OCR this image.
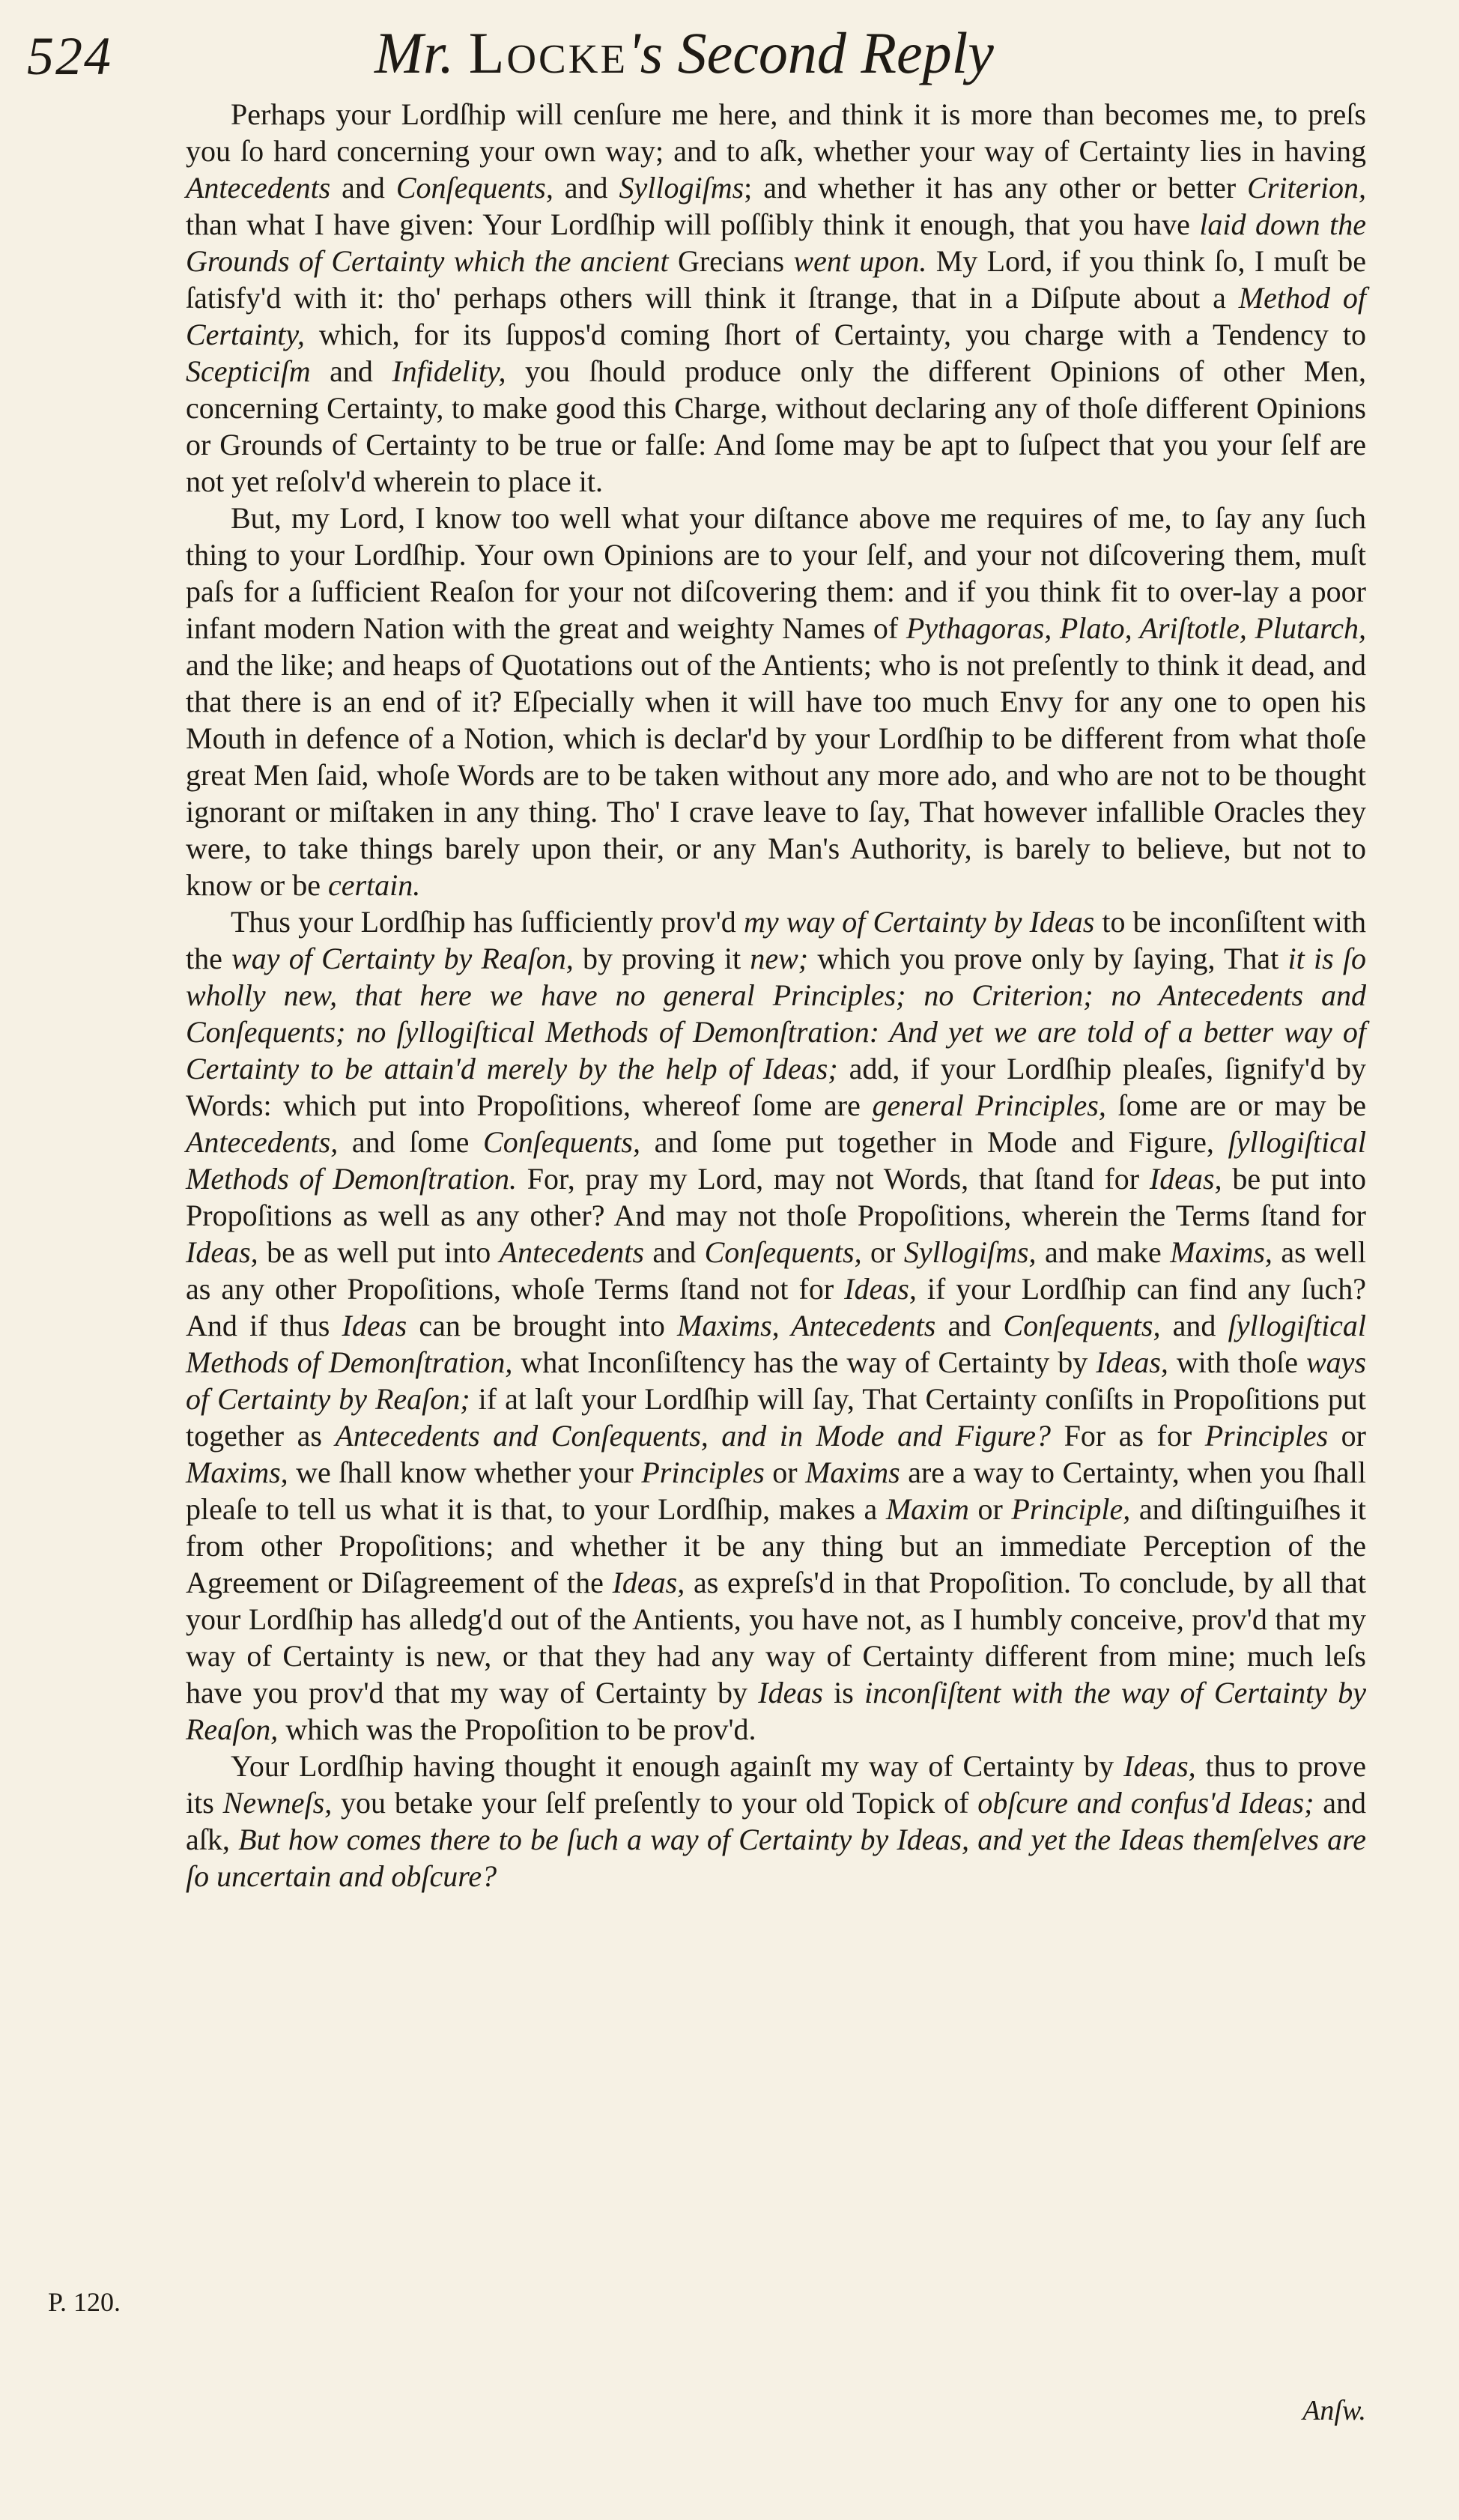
524	Mr. Locke's Second Reply

Perhaps your Lordſhip will cenſure me here, and think it is more than becomes me, to preſs you ſo hard concerning your own way; and to aſk, whether your way of Certainty lies in having Antecedents and Conſequents, and Syllogiſms; and whether it has any other or better Criterion, than what I have given: Your Lordſhip will poſſibly think it enough, that you have laid down the Grounds of Certainty which the ancient Grecians went upon. My Lord, if you think ſo, I muſt be ſatisfy'd with it: tho' perhaps others will think it ſtrange, that in a Diſpute about a Method of Certainty, which, for its ſuppos'd coming ſhort of Certainty, you charge with a Tendency to Scepticiſm and Infidelity, you ſhould produce only the different Opinions of other Men, concerning Certainty, to make good this Charge, without declaring any of thoſe different Opinions or Grounds of Certainty to be true or falſe: And ſome may be apt to ſuſpect that you your ſelf are not yet reſolv'd wherein to place it.

But, my Lord, I know too well what your diſtance above me requires of me, to ſay any ſuch thing to your Lordſhip. Your own Opinions are to your ſelf, and your not diſcovering them, muſt paſs for a ſufficient Reaſon for your not diſcovering them: and if you think fit to over-lay a poor infant modern Nation with the great and weighty Names of Pythagoras, Plato, Ariſtotle, Plutarch, and the like; and heaps of Quotations out of the Antients; who is not preſently to think it dead, and that there is an end of it? Eſpecially when it will have too much Envy for any one to open his Mouth in defence of a Notion, which is declar'd by your Lordſhip to be different from what thoſe great Men ſaid, whoſe Words are to be taken without any more ado, and who are not to be thought ignorant or miſtaken in any thing. Tho' I crave leave to ſay, That however infallible Oracles they were, to take things barely upon their, or any Man's Authority, is barely to believe, but not to know or be certain.

Thus your Lordſhip has ſufficiently prov'd my way of Certainty by Ideas to be inconſiſtent with the way of Certainty by Reaſon, by proving it new; which you prove only by ſaying, That it is ſo wholly new, that here we have no general Principles; no Criterion; no Antecedents and Conſequents; no ſyllogiſtical Methods of Demonſtration: And yet we are told of a better way of Certainty to be attain'd merely by the help of Ideas; add, if your Lordſhip pleaſes, ſignify'd by Words: which put into Propoſitions, whereof ſome are general Principles, ſome are or may be Antecedents, and ſome Conſequents, and ſome put together in Mode and Figure, ſyllogiſtical Methods of Demonſtration. For, pray my Lord, may not Words, that ſtand for Ideas, be put into Propoſitions as well as any other? And may not thoſe Propoſitions, wherein the Terms ſtand for Ideas, be as well put into Antecedents and Conſequents, or Syllogiſms, and make Maxims, as well as any other Propoſitions, whoſe Terms ſtand not for Ideas, if your Lordſhip can find any ſuch? And if thus Ideas can be brought into Maxims, Antecedents and Conſequents, and ſyllogiſtical Methods of Demonſtration, what Inconſiſtency has the way of Certainty by Ideas, with thoſe ways of Certainty by Reaſon; if at laſt your Lordſhip will ſay, That Certainty conſiſts in Propoſitions put together as Antecedents and Conſequents, and in Mode and Figure? For as for Principles or Maxims, we ſhall know whether your Principles or Maxims are a way to Certainty, when you ſhall pleaſe to tell us what it is that, to your Lordſhip, makes a Maxim or Principle, and diſtinguiſhes it from other Propoſitions; and whether it be any thing but an immediate Perception of the Agreement or Diſagreement of the Ideas, as expreſs'd in that Propoſition. To conclude, by all that your Lordſhip has alledg'd out of the Antients, you have not, as I humbly conceive, prov'd that my way of Certainty is new, or that they had any way of Certainty different from mine; much leſs have you prov'd that my way of Certainty by Ideas is inconſiſtent with the way of Certainty by Reaſon, which was the Propoſition to be prov'd.

Your Lordſhip having thought it enough againſt my way of Certainty by Ideas, thus to prove its Newneſs, you betake your ſelf preſently to your old Topick of obſcure and confus'd Ideas; and aſk, But how comes there to be ſuch a way of Certainty by Ideas, and yet the Ideas themſelves are ſo uncertain and obſcure?

P. 120.
Anſw.
